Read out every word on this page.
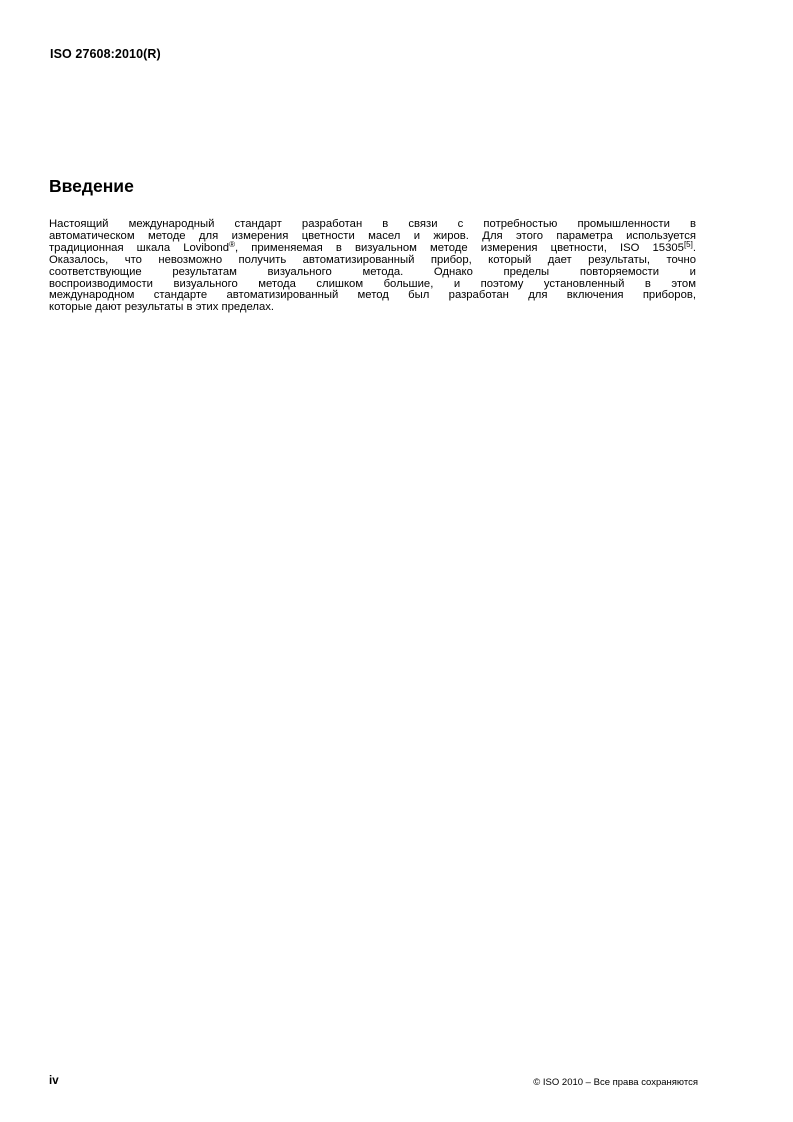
ISO 27608:2010(R)
Введение
Настоящий международный стандарт разработан в связи с потребностью промышленности в
автоматическом методе для измерения цветности масел и жиров. Для этого параметра используется
традиционная шкала Lovibond®, применяемая в визуальном методе измерения цветности, ISO 15305[5].
Оказалось, что невозможно получить автоматизированный прибор, который дает результаты, точно
соответствующие результатам визуального метода. Однако пределы повторяемости и
воспроизводимости визуального метода слишком большие, и поэтому установленный в этом
международном стандарте автоматизированный метод был разработан для включения приборов,
которые дают результаты в этих пределах.
iv	© ISO 2010 – Все права сохраняются
